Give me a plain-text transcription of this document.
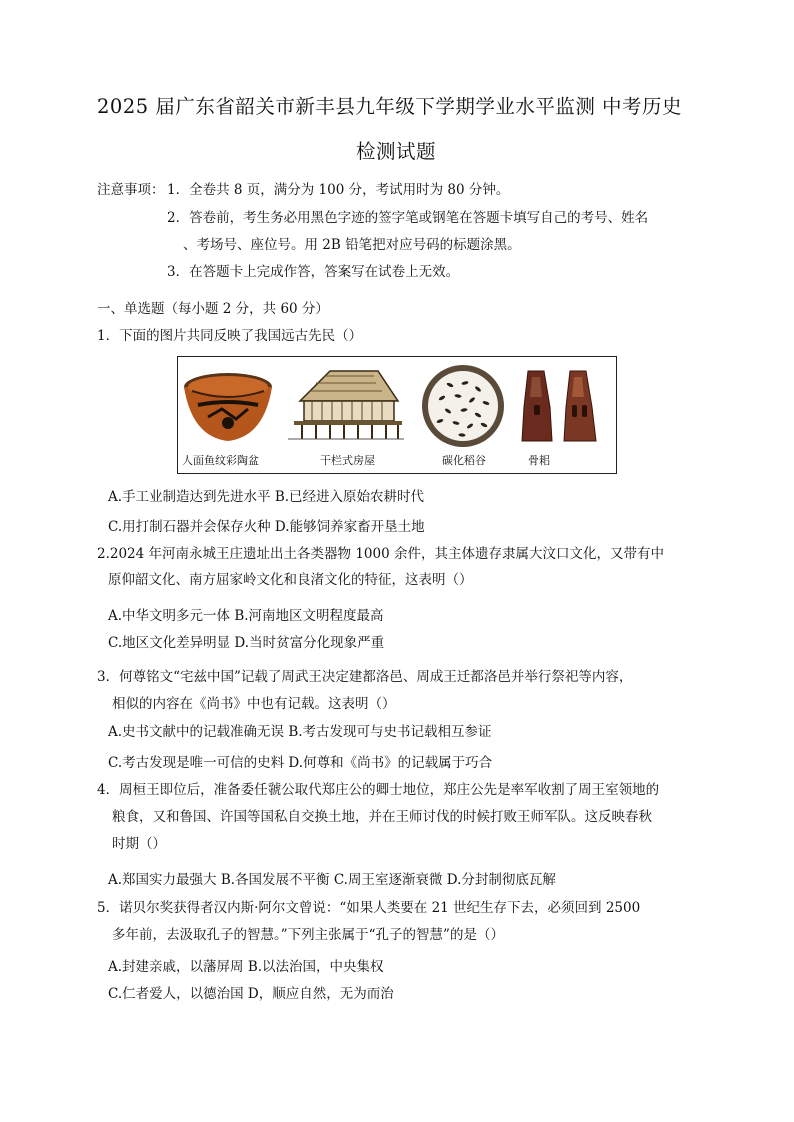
2025 届广东省韶关市新丰县九年级下学期学业水平监测 中考历史
检测试题
注意事项： 1．全卷共 8 页，满分为 100 分，考试用时为 80 分钟。
2．答卷前，考生务必用黑色字迹的签字笔或钢笔在答题卡填写自己的考号、姓名
、考场号、座位号。用 2B 铅笔把对应号码的标题涂黑。
3．在答题卡上完成作答，答案写在试卷上无效。
一、单选题（每小题 2 分，共 60 分）
1．下面的图片共同反映了我国远古先民（）
人面鱼纹彩陶盆	干栏式房屋	碳化稻谷	骨耜
A.手工业制造达到先进水平 B.已经进入原始农耕时代
C.用打制石器并会保存火种 D.能够饲养家畜开垦土地
2.2024 年河南永城王庄遗址出土各类器物 1000 余件，其主体遗存隶属大汶口文化，又带有中
原仰韶文化、南方屈家岭文化和良渚文化的特征，这表明（）
A.中华文明多元一体 B.河南地区文明程度最高
C.地区文化差异明显 D.当时贫富分化现象严重
3．何尊铭文“宅兹中国”记载了周武王决定建都洛邑、周成王迁都洛邑并举行祭祀等内容，
相似的内容在《尚书》中也有记载。这表明（）
A.史书文献中的记载准确无误 B.考古发现可与史书记载相互参证
C.考古发现是唯一可信的史料 D.何尊和《尚书》的记载属于巧合
4．周桓王即位后，准备委任虢公取代郑庄公的卿士地位，郑庄公先是率军收割了周王室领地的
粮食，又和鲁国、许国等国私自交换土地，并在王师讨伐的时候打败王师军队。这反映春秋
时期（）
A.郑国实力最强大 B.各国发展不平衡 C.周王室逐渐衰微 D.分封制彻底瓦解
5．诺贝尔奖获得者汉内斯·阿尔文曾说：“如果人类要在 21 世纪生存下去，必须回到 2500
多年前，去汲取孔子的智慧。”下列主张属于“孔子的智慧”的是（）
A.封建亲戚，以藩屏周 B.以法治国，中央集权
C.仁者爱人，以德治国 D，顺应自然，无为而治
